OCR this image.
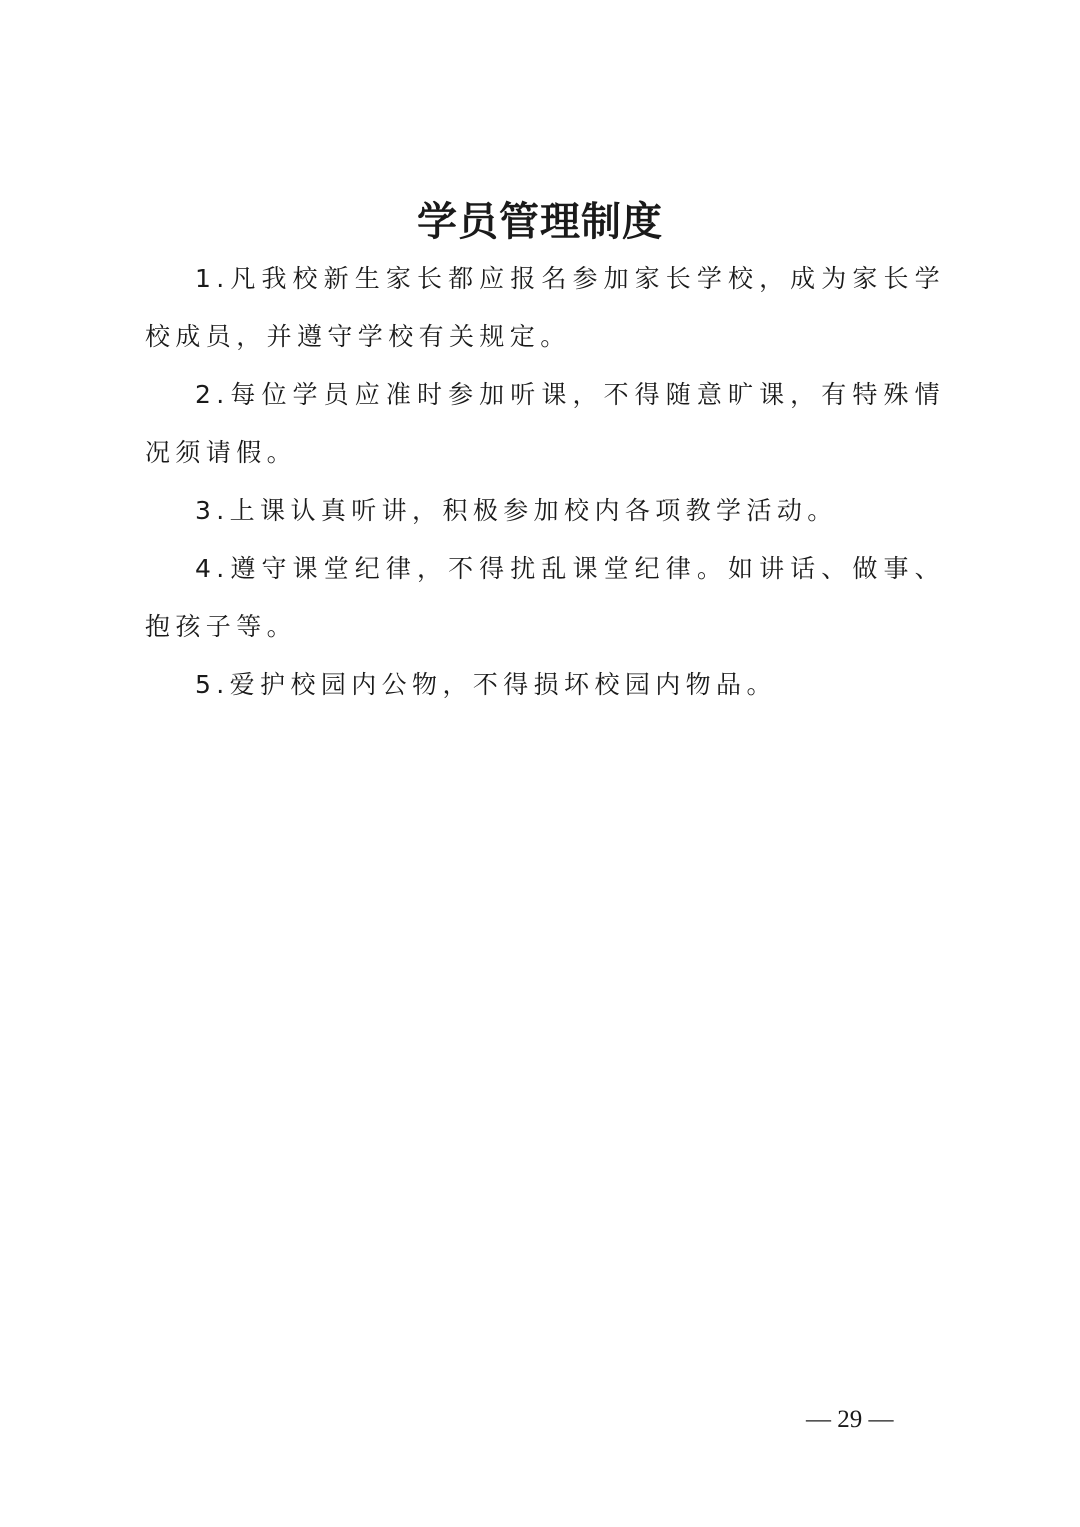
学员管理制度

1.凡我校新生家长都应报名参加家长学校，成为家长学校成员，并遵守学校有关规定。

2.每位学员应准时参加听课，不得随意旷课，有特殊情况须请假。

3.上课认真听讲，积极参加校内各项教学活动。

4.遵守课堂纪律，不得扰乱课堂纪律。如讲话、做事、抱孩子等。

5.爱护校园内公物，不得损坏校园内物品。

— 29 —
